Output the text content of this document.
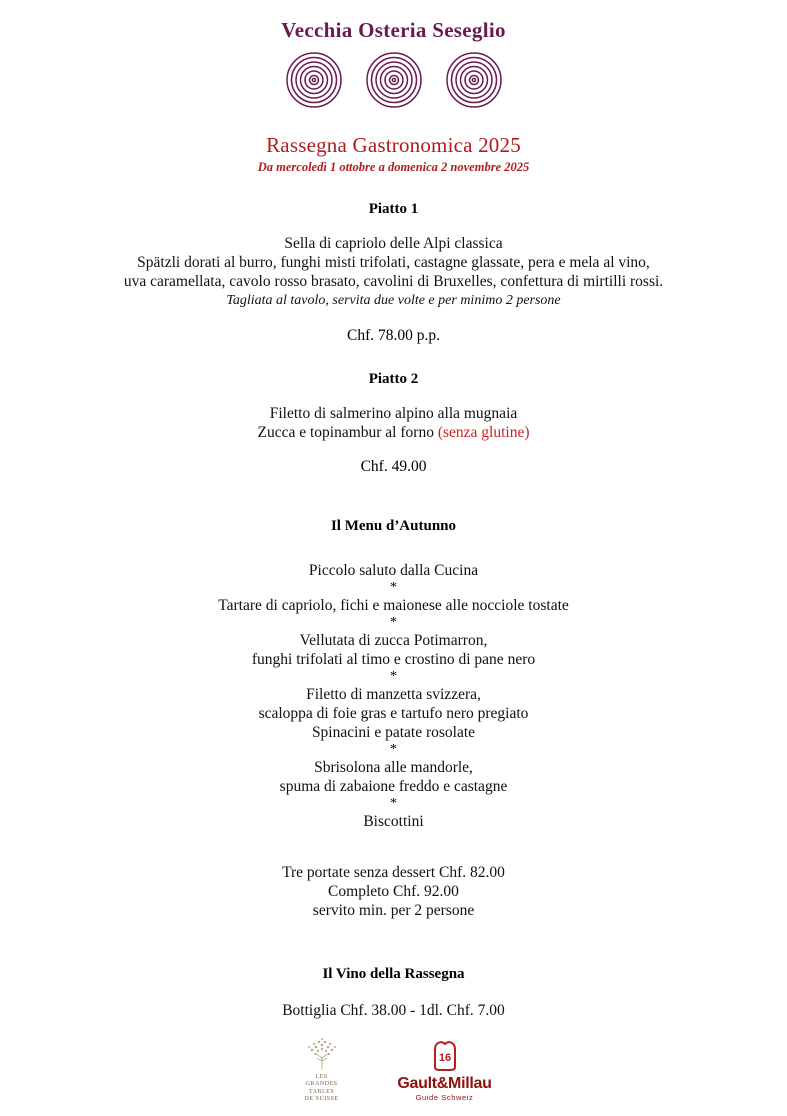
Vecchia Osteria Seseglio
Rassegna Gastronomica 2025
Da mercoledì 1 ottobre a domenica 2 novembre 2025
Piatto 1
Sella di capriolo delle Alpi classica
Spätzli dorati al burro, funghi misti trifolati, castagne glassate, pera e mela al vino,
uva caramellata, cavolo rosso brasato, cavolini di Bruxelles, confettura di mirtilli rossi.
Tagliata al tavolo, servita due volte e per minimo 2 persone
Chf. 78.00 p.p.
Piatto 2
Filetto di salmerino alpino alla mugnaia
Zucca e topinambur al forno (senza glutine)
Chf. 49.00
Il Menu d’Autunno
Piccolo saluto dalla Cucina
*
Tartare di capriolo, fichi e maionese alle nocciole tostate
*
Vellutata di zucca Potimarron,
funghi trifolati al timo e crostino di pane nero
*
Filetto di manzetta svizzera,
scaloppa di foie gras e tartufo nero pregiato
Spinacini e patate rosolate
*
Sbrisolona alle mandorle,
spuma di zabaione freddo e castagne
*
Biscottini
Tre portate senza dessert Chf. 82.00
Completo Chf. 92.00
servito min. per 2 persone
Il Vino della Rassegna
Bottiglia Chf. 38.00 - 1dl. Chf. 7.00
LES
GRANDES
TABLES
DE SUISSE
16
Gault&Millau
Guide Schweiz
